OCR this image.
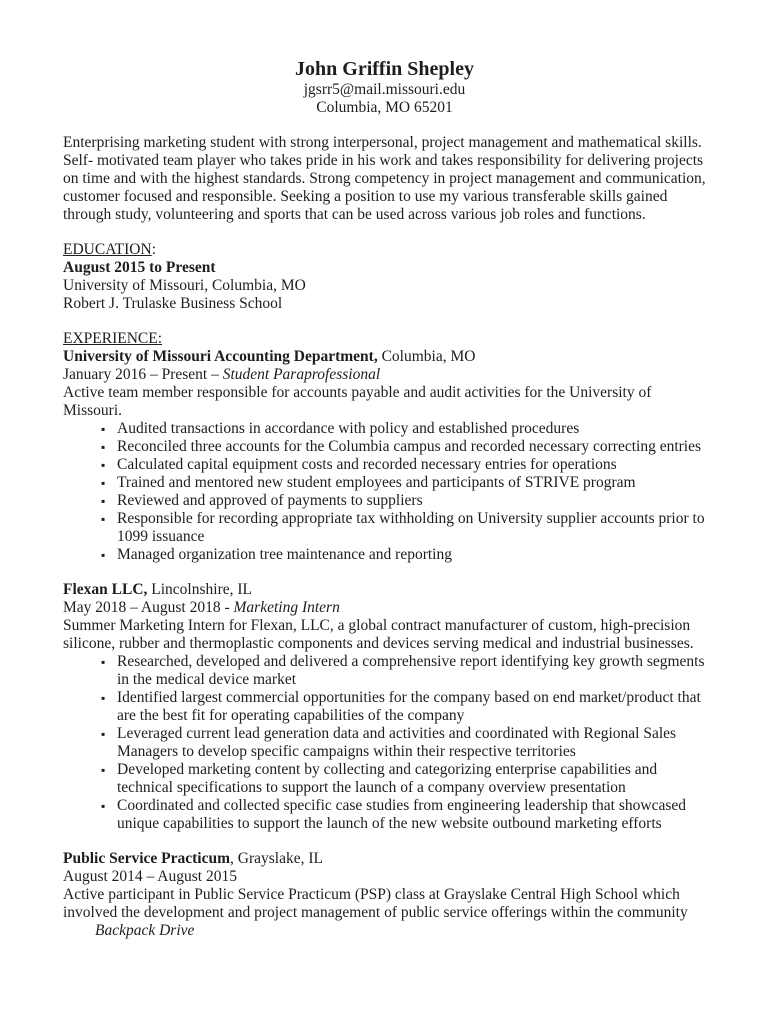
John Griffin Shepley

jgsrr5@mail.missouri.edu

Columbia, MO 65201

Enterprising marketing student with strong interpersonal, project management and mathematical skills. Self- motivated team player who takes pride in his work and takes responsibility for delivering projects on time and with the highest standards. Strong competency in project management and communication, customer focused and responsible. Seeking a position to use my various transferable skills gained through study, volunteering and sports that can be used across various job roles and functions.

EDUCATION:

August 2015 to Present

University of Missouri, Columbia, MO

Robert J. Trulaske Business School

EXPERIENCE:

University of Missouri Accounting Department, Columbia, MO

January 2016 – Present – Student Paraprofessional

Active team member responsible for accounts payable and audit activities for the University of Missouri.

▪ Audited transactions in accordance with policy and established procedures
▪ Reconciled three accounts for the Columbia campus and recorded necessary correcting entries
▪ Calculated capital equipment costs and recorded necessary entries for operations
▪ Trained and mentored new student employees and participants of STRIVE program
▪ Reviewed and approved of payments to suppliers
▪ Responsible for recording appropriate tax withholding on University supplier accounts prior to 1099 issuance
▪ Managed organization tree maintenance and reporting

Flexan LLC, Lincolnshire, IL

May 2018 – August 2018 - Marketing Intern

Summer Marketing Intern for Flexan, LLC, a global contract manufacturer of custom, high-precision silicone, rubber and thermoplastic components and devices serving medical and industrial businesses.

▪ Researched, developed and delivered a comprehensive report identifying key growth segments in the medical device market
▪ Identified largest commercial opportunities for the company based on end market/product that are the best fit for operating capabilities of the company
▪ Leveraged current lead generation data and activities and coordinated with Regional Sales Managers to develop specific campaigns within their respective territories
▪ Developed marketing content by collecting and categorizing enterprise capabilities and technical specifications to support the launch of a company overview presentation
▪ Coordinated and collected specific case studies from engineering leadership that showcased unique capabilities to support the launch of the new website outbound marketing efforts

Public Service Practicum, Grayslake, IL

August 2014 – August 2015

Active participant in Public Service Practicum (PSP) class at Grayslake Central High School which involved the development and project management of public service offerings within the community

Backpack Drive
